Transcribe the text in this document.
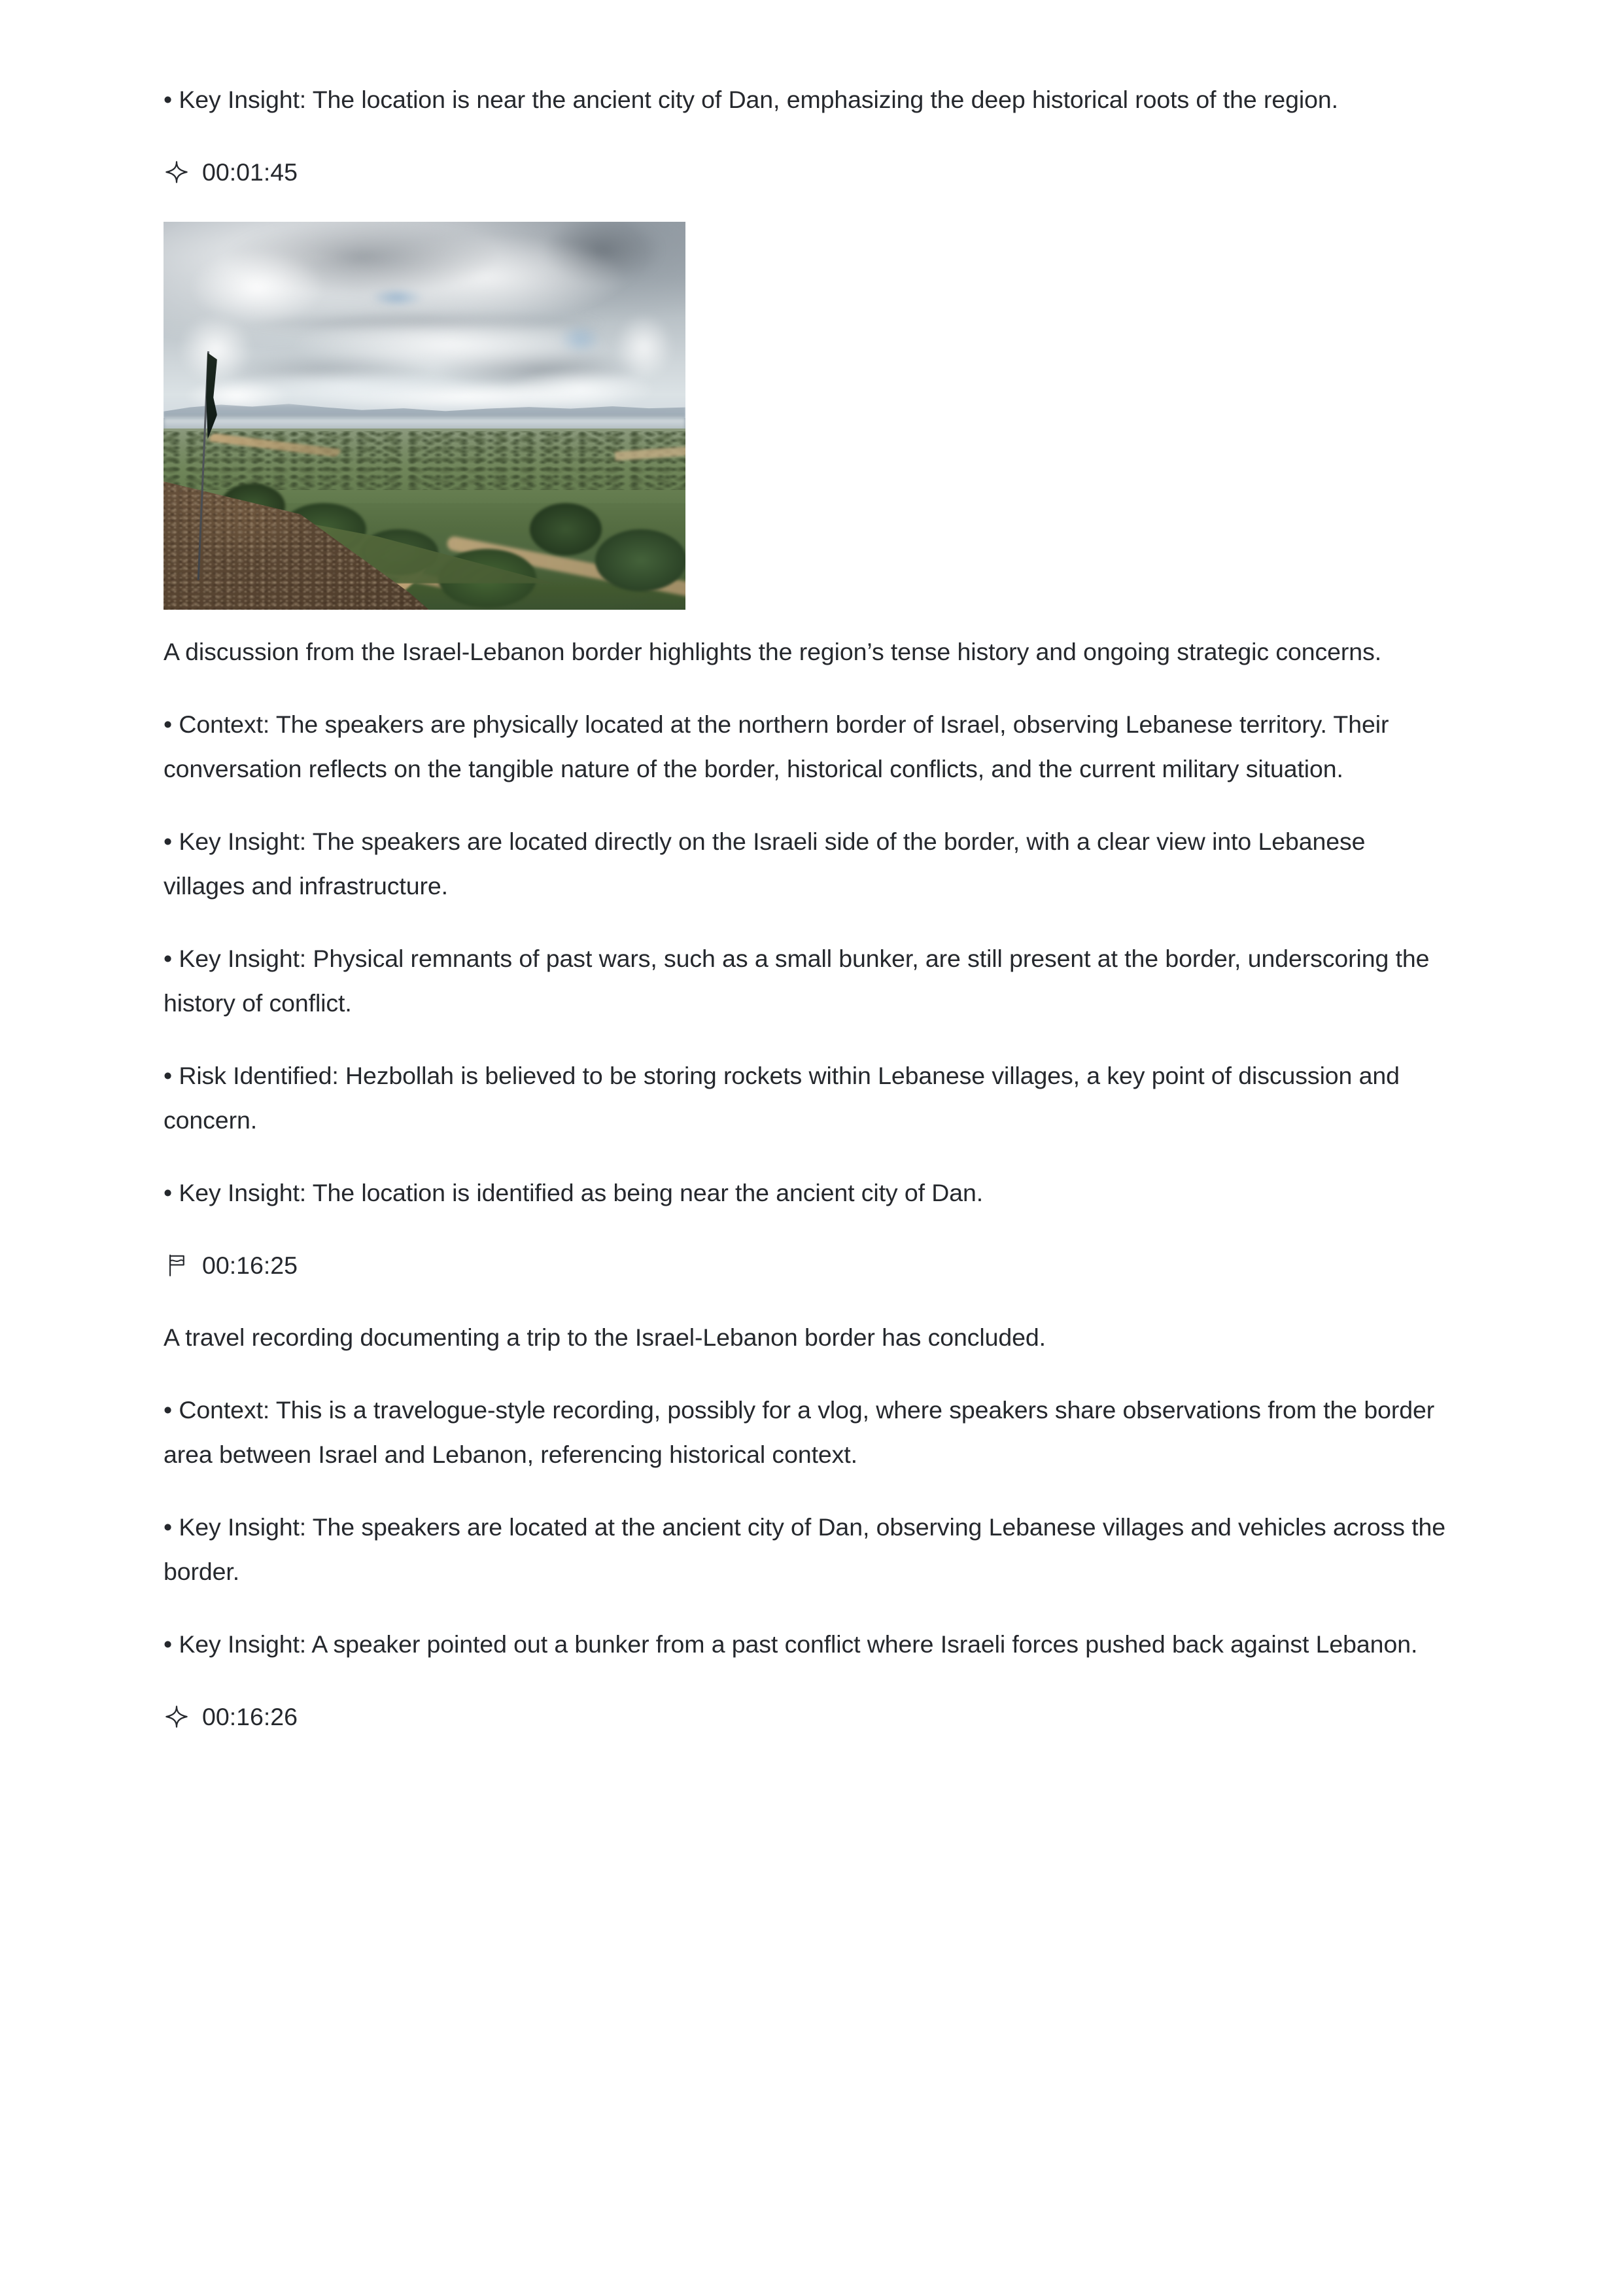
• Key Insight: The location is near the ancient city of Dan, emphasizing the deep historical roots of the region.

00:01:45

A discussion from the Israel-Lebanon border highlights the region’s tense history and ongoing strategic concerns.

• Context: The speakers are physically located at the northern border of Israel, observing Lebanese territory. Their conversation reflects on the tangible nature of the border, historical conflicts, and the current military situation.

• Key Insight: The speakers are located directly on the Israeli side of the border, with a clear view into Lebanese villages and infrastructure.

• Key Insight: Physical remnants of past wars, such as a small bunker, are still present at the border, underscoring the history of conflict.

• Risk Identified: Hezbollah is believed to be storing rockets within Lebanese villages, a key point of discussion and concern.

• Key Insight: The location is identified as being near the ancient city of Dan.

00:16:25

A travel recording documenting a trip to the Israel-Lebanon border has concluded.

• Context: This is a travelogue-style recording, possibly for a vlog, where speakers share observations from the border area between Israel and Lebanon, referencing historical context.

• Key Insight: The speakers are located at the ancient city of Dan, observing Lebanese villages and vehicles across the border.

• Key Insight: A speaker pointed out a bunker from a past conflict where Israeli forces pushed back against Lebanon.

00:16:26
